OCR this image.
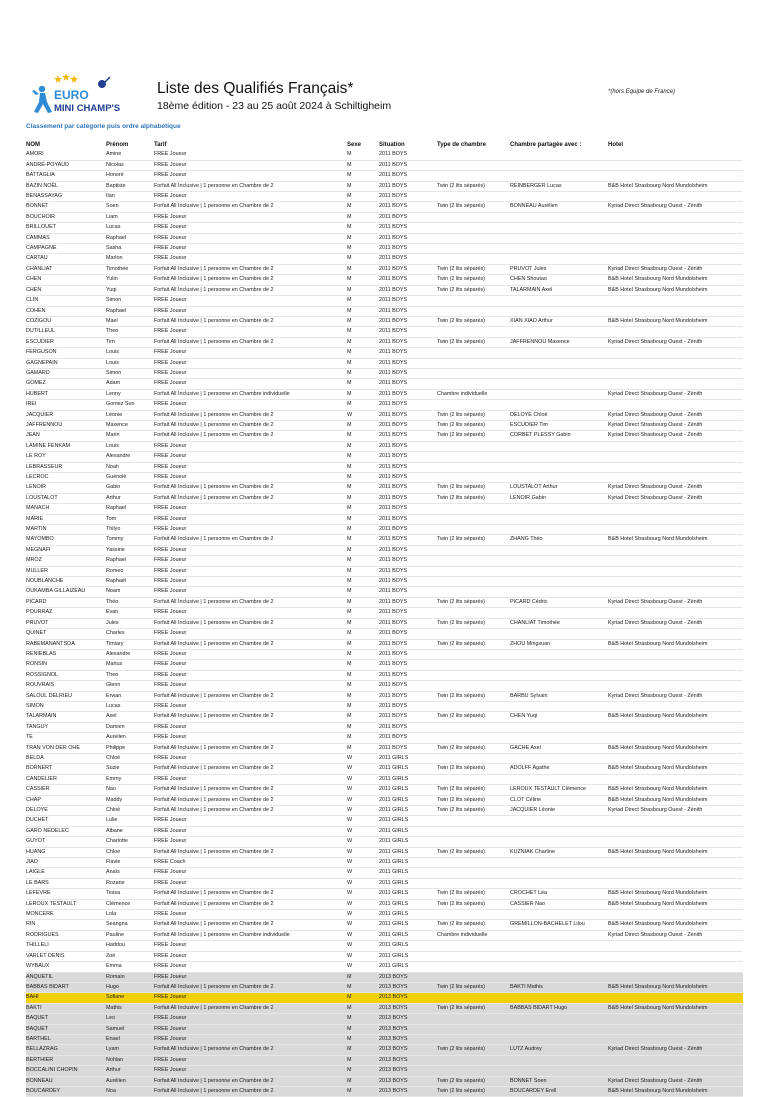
EURO
MINI CHAMP'S
Liste des Qualifiés Français*
18ème édition - 23 au 25 août 2024 à Schiltigheim
*(hors Equipe de France)
Classement par catégorie puis ordre alphabétique
NOM	Prénom	Tarif	Sexe	Situation	Type de chambre	Chambre partagée avec :	Hotel
AMORI	Amine	FREE Joueur	M	2011 BOYS			
ANDRÉ-POYAUD	Nicolas	FREE Joueur	M	2011 BOYS			
BATTAGLIA	Honoré	FREE Joueur	M	2011 BOYS			
BAZIN NOËL	Baptiste	Forfait All Inclusive | 1 personne en Chambre de 2	M	2011 BOYS	Twin (2 lits séparés)	REINBERGER Lucas	B&B Hotel Strasbourg Nord Mundolsheim
BENASSAYAG	Ilan	FREE Joueur	M	2011 BOYS			
BONNET	Soen	Forfait All Inclusive | 1 personne en Chambre de 2	M	2011 BOYS	Twin (2 lits séparés)	BONNEAU Aurélien	Kyriad Direct Strasbourg Ouest - Zénith
BOUCHOIR	Liam	FREE Joueur	M	2011 BOYS			
BRILLOUET	Lucas	FREE Joueur	M	2011 BOYS			
CAMMAS	Raphael	FREE Joueur	M	2011 BOYS			
CAMPAGNE	Sasha	FREE Joueur	M	2011 BOYS			
CARTAU	Marlon	FREE Joueur	M	2011 BOYS			
CHANLIAT	Timothée	Forfait All Inclusive | 1 personne en Chambre de 2	M	2011 BOYS	Twin (2 lits séparés)	PRUVOT Jules	Kyriad Direct Strasbourg Ouest - Zénith
CHEN	Yulin	Forfait All Inclusive | 1 personne en Chambre de 2	M	2011 BOYS	Twin (2 lits séparés)	CHEN Shoutao	B&B Hotel Strasbourg Nord Mundolsheim
CHEN	Yuqi	Forfait All Inclusive | 1 personne en Chambre de 2	M	2011 BOYS	Twin (2 lits séparés)	TALARMAIN Axel	B&B Hotel Strasbourg Nord Mundolsheim
CLIN	Simon	FREE Joueur	M	2011 BOYS			
COHEN	Raphael	FREE Joueur	M	2011 BOYS			
COZIGOU	Mael	Forfait All Inclusive | 1 personne en Chambre de 2	M	2011 BOYS	Twin (2 lits séparés)	XIAN XIAO Arthur	B&B Hotel Strasbourg Nord Mundolsheim
DUTILLEUL	Theo	FREE Joueur	M	2011 BOYS			
ESCUDIER	Tim	Forfait All Inclusive | 1 personne en Chambre de 2	M	2011 BOYS	Twin (2 lits séparés)	JAFFRENNOU Maxence	Kyriad Direct Strasbourg Ouest - Zénith
FERGUSON	Louis	FREE Joueur	M	2011 BOYS			
GAGNEPAIN	Louis	FREE Joueur	M	2011 BOYS			
GAMARD	Simon	FREE Joueur	M	2011 BOYS			
GOMEZ	Adam	FREE Joueur	M	2011 BOYS			
HUBERT	Lenny	Forfait All Inclusive | 1 personne en Chambre individuelle	M	2011 BOYS	Chambre individuelle		Kyriad Direct Strasbourg Ouest - Zénith
IREI	Gomez Sun	FREE Joueur	M	2011 BOYS			
JACQUIER	Léonie	Forfait All Inclusive | 1 personne en Chambre de 2	W	2011 BOYS	Twin (2 lits séparés)	DELOYE Chloé	Kyriad Direct Strasbourg Ouest - Zénith
JAFFRENNOU	Maxence	Forfait All Inclusive | 1 personne en Chambre de 2	M	2011 BOYS	Twin (2 lits séparés)	ESCUDIER Tim	Kyriad Direct Strasbourg Ouest - Zénith
JEAN	Marin	Forfait All Inclusive | 1 personne en Chambre de 2	M	2011 BOYS	Twin (2 lits séparés)	CORBET PLESSY Gabin	Kyriad Direct Strasbourg Ouest - Zénith
LAMINE FENKAM	Louis	FREE Joueur	M	2011 BOYS			
LE ROY	Alexandre	FREE Joueur	M	2011 BOYS			
LEBRASSEUR	Noah	FREE Joueur	M	2011 BOYS			
LECROC	Guénolé	FREE Joueur	M	2011 BOYS			
LENOIR	Gabin	Forfait All Inclusive | 1 personne en Chambre de 2	M	2011 BOYS	Twin (2 lits séparés)	LOUSTALOT Arthur	Kyriad Direct Strasbourg Ouest - Zénith
LOUSTALOT	Arthur	Forfait All Inclusive | 1 personne en Chambre de 2	M	2011 BOYS	Twin (2 lits séparés)	LENOIR Gabin	Kyriad Direct Strasbourg Ouest - Zénith
MANACH	Raphael	FREE Joueur	M	2011 BOYS			
MARIE	Tom	FREE Joueur	M	2011 BOYS			
MARTIN	Thilyo	FREE Joueur	M	2011 BOYS			
MAYOMBO	Tommy	Forfait All Inclusive | 1 personne en Chambre de 2	M	2011 BOYS	Twin (2 lits séparés)	ZHANG Théo	B&B Hotel Strasbourg Nord Mundolsheim
MEGNAFI	Yassine	FREE Joueur	M	2011 BOYS			
MROZ	Raphael	FREE Joueur	M	2011 BOYS			
MULLER	Romeo	FREE Joueur	M	2011 BOYS			
NOUBLANCHE	Raphaël	FREE Joueur	M	2011 BOYS			
OUKAMBA GILLAIZEAU	Noam	FREE Joueur	M	2011 BOYS			
PICARD	Théo	Forfait All Inclusive | 1 personne en Chambre de 2	M	2011 BOYS	Twin (2 lits séparés)	PICARD Cédric	Kyriad Direct Strasbourg Ouest - Zénith
POURRAZ	Evan	FREE Joueur	M	2011 BOYS			
PRUVOT	Jules	Forfait All Inclusive | 1 personne en Chambre de 2	M	2011 BOYS	Twin (2 lits séparés)	CHANLIAT Timothée	Kyriad Direct Strasbourg Ouest - Zénith
QUINET	Charles	FREE Joueur	M	2011 BOYS			
RABEMANANTSOA	Timiary	Forfait All Inclusive | 1 personne en Chambre de 2	M	2011 BOYS	Twin (2 lits séparés)	ZHOU Mingxuan	B&B Hotel Strasbourg Nord Mundolsheim
RENIEBLAS	Alexandre	FREE Joueur	M	2011 BOYS			
RONSIN	Marius	FREE Joueur	M	2011 BOYS			
ROSSIGNOL	Theo	FREE Joueur	M	2011 BOYS			
ROUVRAIS	Glenn	FREE Joueur	M	2011 BOYS			
SALOUL DELRIEU	Erwan	Forfait All Inclusive | 1 personne en Chambre de 2	M	2011 BOYS	Twin (2 lits séparés)	BARBU Sylvain	Kyriad Direct Strasbourg Ouest - Zénith
SIMON	Lucas	FREE Joueur	M	2011 BOYS			
TALARMAIN	Axel	Forfait All Inclusive | 1 personne en Chambre de 2	M	2011 BOYS	Twin (2 lits séparés)	CHEN Yuqi	B&B Hotel Strasbourg Nord Mundolsheim
TANGUY	Damien	FREE Joueur	M	2011 BOYS			
TE	Aurelien	FREE Joueur	M	2011 BOYS			
TRAN VON DER OHE	Philippe	Forfait All Inclusive | 1 personne en Chambre de 2	M	2011 BOYS	Twin (2 lits séparés)	GACHE Axel	B&B Hotel Strasbourg Nord Mundolsheim
BELDA	Chloé	FREE Joueur	W	2011 GIRLS			
BORNERT	Suzie	Forfait All Inclusive | 1 personne en Chambre de 2	W	2011 GIRLS	Twin (2 lits séparés)	ADOLFF Agathe	B&B Hotel Strasbourg Nord Mundolsheim
CANDELIER	Emmy	FREE Joueur	W	2011 GIRLS			
CASSIER	Nao	Forfait All Inclusive | 1 personne en Chambre de 2	W	2011 GIRLS	Twin (2 lits séparés)	LEROUX TESTAULT Clémence	B&B Hotel Strasbourg Nord Mundolsheim
CHAP	Maddy	Forfait All Inclusive | 1 personne en Chambre de 2	W	2011 GIRLS	Twin (2 lits séparés)	CLOT Céline	B&B Hotel Strasbourg Nord Mundolsheim
DELOYE	Chloé	Forfait All Inclusive | 1 personne en Chambre de 2	W	2011 GIRLS	Twin (2 lits séparés)	JACQUIER Léonie	Kyriad Direct Strasbourg Ouest - Zénith
DUCHET	Lulie	FREE Joueur	W	2011 GIRLS			
GARO NEDELEC	Albane	FREE Joueur	W	2011 GIRLS			
GUYOT	Charlotte	FREE Joueur	W	2011 GIRLS			
HUANG	Chloe	Forfait All Inclusive | 1 personne en Chambre de 2	W	2011 GIRLS	Twin (2 lits séparés)	KUZNIAK Charline	B&B Hotel Strasbourg Nord Mundolsheim
JIAO	Flavie	FREE Coach	W	2011 GIRLS			
LAIGLE	Anaïs	FREE Joueur	W	2011 GIRLS			
LE BARS	Rozane	FREE Joueur	W	2011 GIRLS			
LEFEVRE	Tessa	Forfait All Inclusive | 1 personne en Chambre de 2	W	2011 GIRLS	Twin (2 lits séparés)	CROCHET Léa	B&B Hotel Strasbourg Nord Mundolsheim
LEROUX TESTAULT	Clémence	Forfait All Inclusive | 1 personne en Chambre de 2	W	2011 GIRLS	Twin (2 lits séparés)	CASSIER Nao	B&B Hotel Strasbourg Nord Mundolsheim
MONCERE	Lola	FREE Joueur	W	2011 GIRLS			
RIN	Seangna	Forfait All Inclusive | 1 personne en Chambre de 2	W	2011 GIRLS	Twin (2 lits séparés)	GREMILLON-BACHELET Lilou	B&B Hotel Strasbourg Nord Mundolsheim
RODRIGUES	Pauline	Forfait All Inclusive | 1 personne en Chambre individuelle	W	2011 GIRLS	Chambre individuelle		Kyriad Direct Strasbourg Ouest - Zénith
THILLELI	Haddou	FREE Joueur	W	2011 GIRLS			
VARLET DENIS	Zoé	FREE Joueur	W	2011 GIRLS			
WYBAUX	Emma	FREE Joueur	W	2011 GIRLS			
ANQUETIL	Romain	FREE Joueur	M	2013 BOYS			
BABBAS BIDART	Hugo	Forfait All Inclusive | 1 personne en Chambre de 2	M	2013 BOYS	Twin (2 lits séparés)	BAKTI Mathis	B&B Hotel Strasbourg Nord Mundolsheim
BAHI	Sofiane	FREE Joueur	M	2013 BOYS			
BAKTI	Mathis	Forfait All Inclusive | 1 personne en Chambre de 2	M	2013 BOYS	Twin (2 lits séparés)	BABBAS BIDART Hugo	B&B Hotel Strasbourg Nord Mundolsheim
BAQUET	Leo	FREE Joueur	M	2013 BOYS			
BAQUET	Samuel	FREE Joueur	M	2013 BOYS			
BARTHEL	Enael	FREE Joueur	M	2013 BOYS			
BELLAZRAG	Lyam	Forfait All Inclusive | 1 personne en Chambre de 2	M	2013 BOYS	Twin (2 lits séparés)	LUTZ Audrey	Kyriad Direct Strasbourg Ouest - Zénith
BERTHIER	Nohlan	FREE Joueur	M	2013 BOYS			
BOCCALINI CHOPIN	Arthur	FREE Joueur	M	2013 BOYS			
BONNEAU	Aurélien	Forfait All Inclusive | 1 personne en Chambre de 2	M	2013 BOYS	Twin (2 lits séparés)	BONNET Soen	Kyriad Direct Strasbourg Ouest - Zénith
BOUCARDEY	Noa	Forfait All Inclusive | 1 personne en Chambre de 2	M	2013 BOYS	Twin (2 lits séparés)	BOUCARDEY Erell	B&B Hotel Strasbourg Nord Mundolsheim
